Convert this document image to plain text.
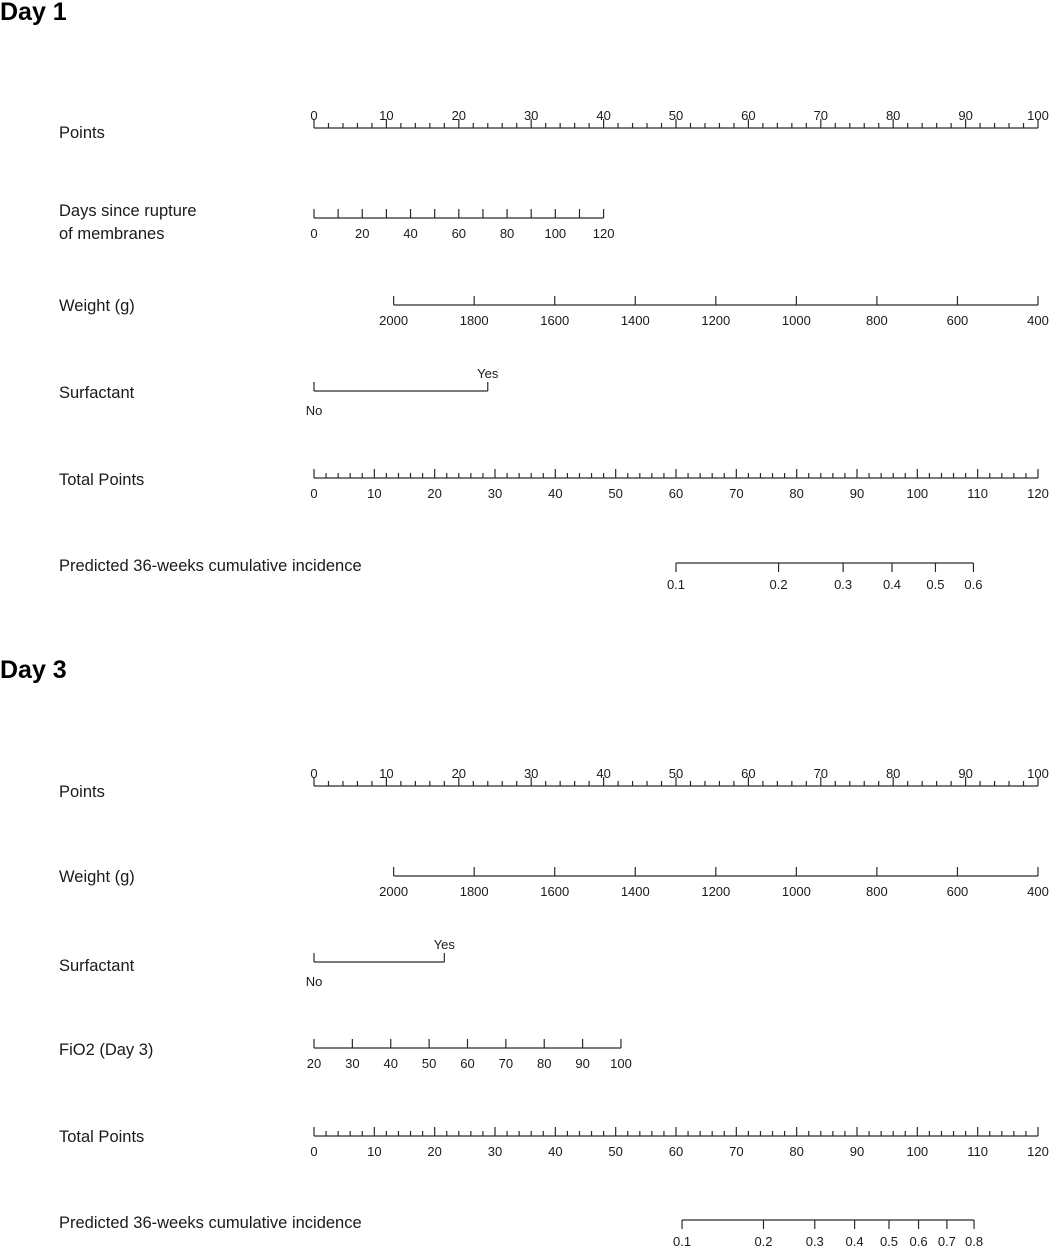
Points
0	10	20	30	40	50	60	70	80	90	100
Days since rupture
of membranes	0	20	40	60	80 100 120
Weight (g)
2000	1800	1600	1400	1200	1000	800	600	400
Surfactant
No
Yes
Total Points
0	10	20	30	40	50	60	70	80	90	100	110	120
Predicted 36-weeks cumulative incidence
0.1	0.2	0.3 0.4 0.5 0.6
Day 1
Points
0	10	20	30	40	50	60	70	80	90	100
Weight (g)
2000	1800	1600	1400	1200	1000	800	600	400
Surfactant
No
Yes
FiO2 (Day 3)
20 30 40 50 60 70 80 90 100
Total Points
0	10	20	30	40	50	60	70	80	90	100	110	120
Predicted 36-weeks cumulative incidence
0.1	0.2	0.3 0.4 0.5 0.6 0.7 0.8
Day 3
